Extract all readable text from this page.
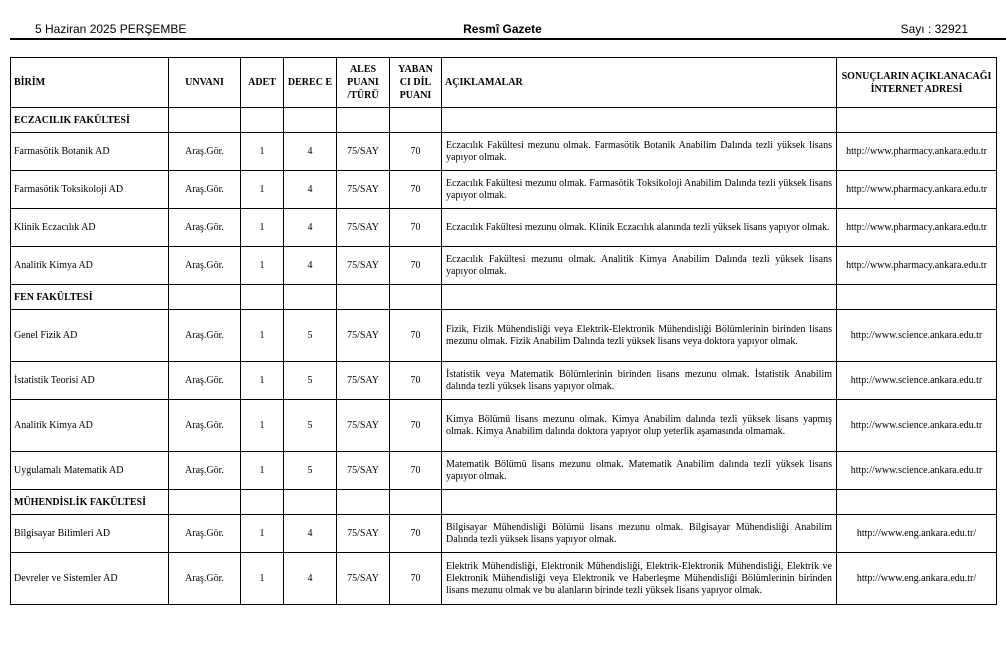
5 Haziran 2025 PERŞEMBE	Resmî Gazete	Sayı : 32921
BİRİM	UNVANI	ADET	DEREC E	ALES PUANI /TÜRÜ	YABAN CI DİL PUANI	AÇIKLAMALAR	SONUÇLARIN AÇIKLANACAĞI İNTERNET ADRESİ
ECZACILIK FAKÜLTESİ							
Farmasötik Botanik AD	Araş.Gör.	1	4	75/SAY	70	Eczacılık Fakültesi mezunu olmak. Farmasötik Botanik Anabilim Dalında tezli yüksek lisans yapıyor olmak.	http://www.pharmacy.ankara.edu.tr
Farmasötik Toksikoloji AD	Araş.Gör.	1	4	75/SAY	70	Eczacılık Fakültesi mezunu olmak. Farmasötik Toksikoloji Anabilim Dalında tezli yüksek lisans yapıyor olmak.	http://www.pharmacy.ankara.edu.tr
Klinik Eczacılık AD	Araş.Gör.	1	4	75/SAY	70	Eczacılık Fakültesi mezunu olmak. Klinik Eczacılık alanında tezli yüksek lisans yapıyor olmak.	http://www.pharmacy.ankara.edu.tr
Analitik Kimya AD	Araş.Gör.	1	4	75/SAY	70	Eczacılık Fakültesi mezunu olmak. Analitik Kimya Anabilim Dalında tezli yüksek lisans yapıyor olmak.	http://www.pharmacy.ankara.edu.tr
FEN FAKÜLTESİ							
Genel Fizik AD	Araş.Gör.	1	5	75/SAY	70	Fizik, Fizik Mühendisliği veya Elektrik-Elektronik Mühendisliği Bölümlerinin birinden lisans mezunu olmak. Fizik Anabilim Dalında tezli yüksek lisans veya doktora yapıyor olmak.	http://www.science.ankara.edu.tr
İstatistik Teorisi AD	Araş.Gör.	1	5	75/SAY	70	İstatistik veya Matematik Bölümlerinin birinden lisans mezunu olmak. İstatistik Anabilim dalında tezli yüksek lisans yapıyor olmak.	http://www.science.ankara.edu.tr
Analitik Kimya AD	Araş.Gör.	1	5	75/SAY	70	Kimya Bölümü lisans mezunu olmak. Kimya Anabilim dalında tezli yüksek lisans yapmış olmak. Kimya Anabilim dalında doktora yapıyor olup yeterlik aşamasında olmamak.	http://www.science.ankara.edu.tr
Uygulamalı Matematik AD	Araş.Gör.	1	5	75/SAY	70	Matematik Bölümü lisans mezunu olmak. Matematik Anabilim dalında tezli yüksek lisans yapıyor olmak.	http://www.science.ankara.edu.tr
MÜHENDİSLİK FAKÜLTESİ							
Bilgisayar Bilimleri AD	Araş.Gör.	1	4	75/SAY	70	Bilgisayar Mühendisliği Bölümü lisans mezunu olmak. Bilgisayar Mühendisliği Anabilim Dalında tezli yüksek lisans yapıyor olmak.	http://www.eng.ankara.edu.tr/
Devreler ve Sistemler AD	Araş.Gör.	1	4	75/SAY	70	Elektrik Mühendisliği, Elektronik Mühendisliği, Elektrik-Elektronik Mühendisliği, Elektrik ve Elektronik Mühendisliği veya Elektronik ve Haberleşme Mühendisliği Bölümlerinin birinden lisans mezunu olmak ve bu alanların birinde tezli yüksek lisans yapıyor olmak.	http://www.eng.ankara.edu.tr/
